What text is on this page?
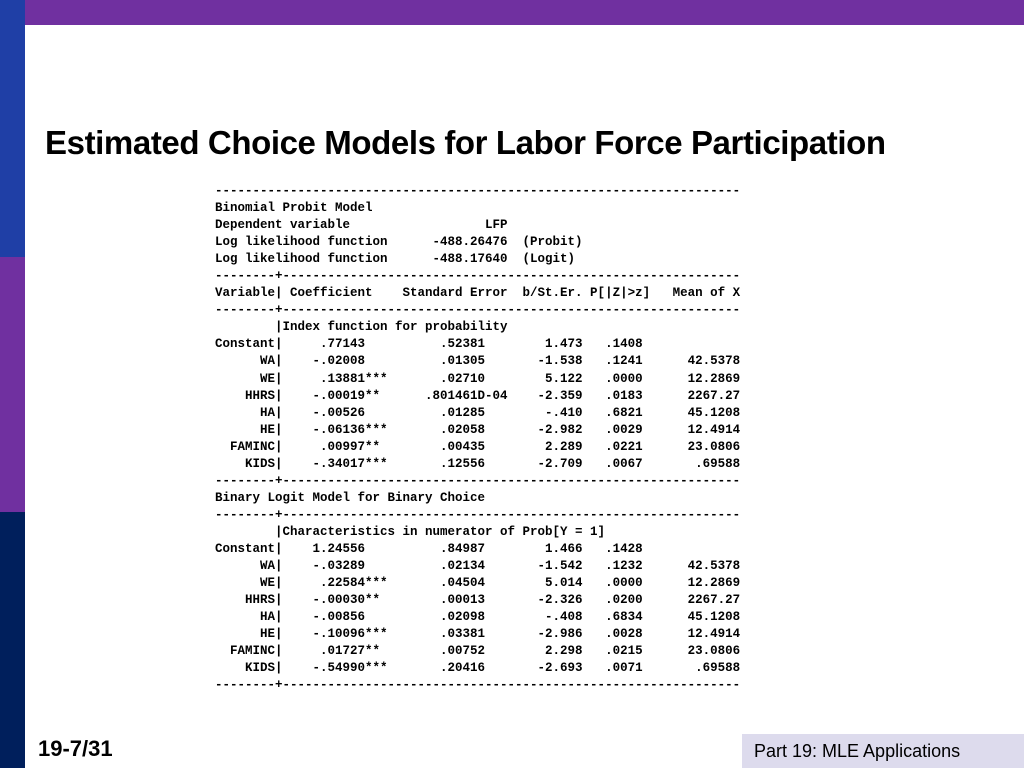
Estimated Choice Models for Labor Force Participation
----------------------------------------------------------------------
Binomial Probit Model
Dependent variable                  LFP
Log likelihood function      -488.26476  (Probit)
Log likelihood function      -488.17640  (Logit)
--------+-------------------------------------------------------------
Variable| Coefficient    Standard Error  b/St.Er. P[|Z|>z]   Mean of X
--------+-------------------------------------------------------------
|Index function for probability
Constant|     .77143          .52381        1.473   .1408
WA|    -.02008          .01305       -1.538   .1241      42.5378
WE|     .13881***       .02710        5.122   .0000      12.2869
HHRS|    -.00019**      .801461D-04    -2.359   .0183      2267.27
HA|    -.00526          .01285        -.410   .6821      45.1208
HE|    -.06136***       .02058       -2.982   .0029      12.4914
FAMINC|     .00997**        .00435        2.289   .0221      23.0806
KIDS|    -.34017***       .12556       -2.709   .0067       .69588
--------+-------------------------------------------------------------
Binary Logit Model for Binary Choice
--------+-------------------------------------------------------------
|Characteristics in numerator of Prob[Y = 1]
Constant|    1.24556          .84987        1.466   .1428
WA|    -.03289          .02134       -1.542   .1232      42.5378
WE|     .22584***       .04504        5.014   .0000      12.2869
HHRS|    -.00030**        .00013       -2.326   .0200      2267.27
HA|    -.00856          .02098        -.408   .6834      45.1208
HE|    -.10096***       .03381       -2.986   .0028      12.4914
FAMINC|     .01727**        .00752        2.298   .0215      23.0806
KIDS|    -.54990***       .20416       -2.693   .0071       .69588
--------+-------------------------------------------------------------
19-7/31	Part 19: MLE Applications
